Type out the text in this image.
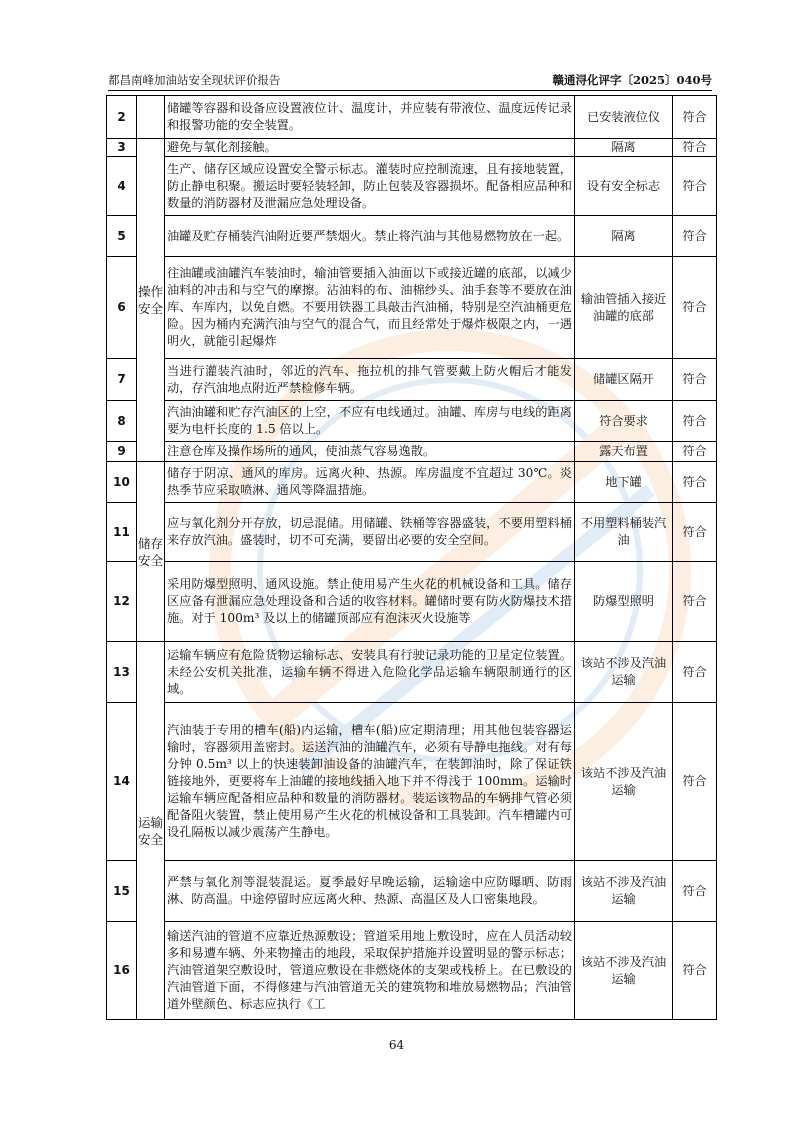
都昌南峰加油站安全现状评价报告	赣通浔化评字〔2025〕040号
2		储罐等容器和设备应设置液位计、温度计，并应装有带液位、温度远传记录和报警功能的安全装置。	已安装液位仪	符合
3	操作安全	避免与氧化剂接触。	隔离	符合
4		生产、储存区域应设置安全警示标志。灌装时应控制流速，且有接地装置，防止静电积聚。搬运时要轻装轻卸，防止包装及容器损坏。配备相应品种和数量的消防器材及泄漏应急处理设备。	设有安全标志	符合
5		油罐及贮存桶装汽油附近要严禁烟火。禁止将汽油与其他易燃物放在一起。	隔离	符合
6		往油罐或油罐汽车装油时，输油管要插入油面以下或接近罐的底部，以减少油料的冲击和与空气的摩擦。沾油料的布、油棉纱头、油手套等不要放在油库、车库内，以免自燃。不要用铁器工具敲击汽油桶，特别是空汽油桶更危险。因为桶内充满汽油与空气的混合气，而且经常处于爆炸极限之内，一遇明火，就能引起爆炸	输油管插入接近油罐的底部	符合
7		当进行灌装汽油时，邻近的汽车、拖拉机的排气管要戴上防火帽后才能发动，存汽油地点附近严禁检修车辆。	储罐区隔开	符合
8		汽油油罐和贮存汽油区的上空，不应有电线通过。油罐、库房与电线的距离要为电杆长度的 1.5 倍以上。	符合要求	符合
9		注意仓库及操作场所的通风，使油蒸气容易逸散。	露天布置	符合
10	储存安全	储存于阴凉、通风的库房。远离火种、热源。库房温度不宜超过 30℃。炎热季节应采取喷淋、通风等降温措施。	地下罐	符合
11		应与氧化剂分开存放，切忌混储。用储罐、铁桶等容器盛装，不要用塑料桶来存放汽油。盛装时，切不可充满，要留出必要的安全空间。	不用塑料桶装汽油	符合
12		采用防爆型照明、通风设施。禁止使用易产生火花的机械设备和工具。储存区应备有泄漏应急处理设备和合适的收容材料。罐储时要有防火防爆技术措施。对于 100m³ 及以上的储罐顶部应有泡沫灭火设施等	防爆型照明	符合
13	运输安全	运输车辆应有危险货物运输标志、安装具有行驶记录功能的卫星定位装置。未经公安机关批准，运输车辆不得进入危险化学品运输车辆限制通行的区域。	该站不涉及汽油运输	符合
14		汽油装于专用的槽车(船)内运输，槽车(船)应定期清理；用其他包装容器运输时，容器须用盖密封。运送汽油的油罐汽车，必须有导静电拖线。对有每分钟 0.5m³ 以上的快速装卸油设备的油罐汽车，在装卸油时，除了保证铁链接地外，更要将车上油罐的接地线插入地下并不得浅于 100mm。运输时运输车辆应配备相应品种和数量的消防器材。装运该物品的车辆排气管必须配备阻火装置，禁止使用易产生火花的机械设备和工具装卸。汽车槽罐内可设孔隔板以减少震荡产生静电。	该站不涉及汽油运输	符合
15		严禁与氧化剂等混装混运。夏季最好早晚运输，运输途中应防曝晒、防雨淋、防高温。中途停留时应远离火种、热源、高温区及人口密集地段。	该站不涉及汽油运输	符合
16		输送汽油的管道不应靠近热源敷设；管道采用地上敷设时，应在人员活动较多和易遭车辆、外来物撞击的地段，采取保护措施并设置明显的警示标志；汽油管道架空敷设时，管道应敷设在非燃烧体的支架或栈桥上。在已敷设的汽油管道下面，不得修建与汽油管道无关的建筑物和堆放易燃物品；汽油管道外壁颜色、标志应执行《工	该站不涉及汽油运输	符合
64
